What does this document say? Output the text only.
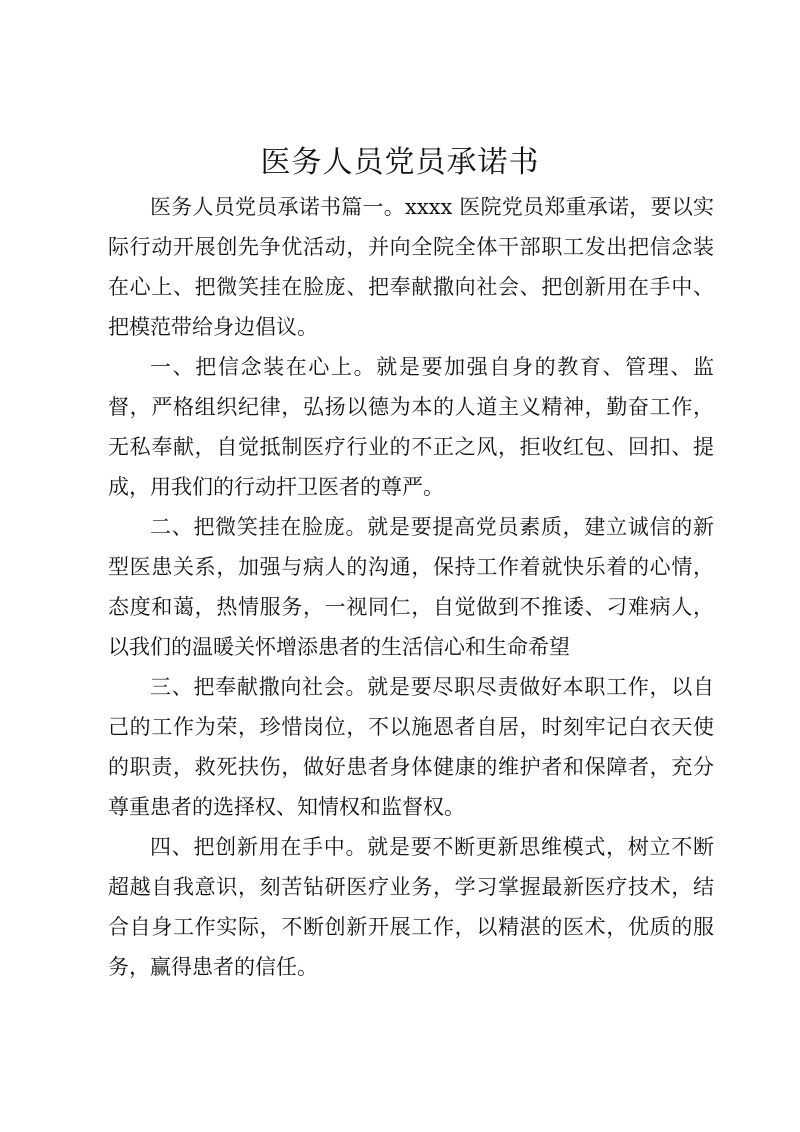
医务人员党员承诺书

医务人员党员承诺书篇一。xxxx 医院党员郑重承诺，要以实际行动开展创先争优活动，并向全院全体干部职工发出把信念装在心上、把微笑挂在脸庞、把奉献撒向社会、把创新用在手中、把模范带给身边倡议。

一、把信念装在心上。就是要加强自身的教育、管理、监督，严格组织纪律，弘扬以德为本的人道主义精神，勤奋工作，无私奉献，自觉抵制医疗行业的不正之风，拒收红包、回扣、提成，用我们的行动扞卫医者的尊严。

二、把微笑挂在脸庞。就是要提高党员素质，建立诚信的新型医患关系，加强与病人的沟通，保持工作着就快乐着的心情，态度和蔼，热情服务，一视同仁，自觉做到不推诿、刁难病人，以我们的温暖关怀增添患者的生活信心和生命希望

三、把奉献撒向社会。就是要尽职尽责做好本职工作，以自己的工作为荣，珍惜岗位，不以施恩者自居，时刻牢记白衣天使的职责，救死扶伤，做好患者身体健康的维护者和保障者，充分尊重患者的选择权、知情权和监督权。

四、把创新用在手中。就是要不断更新思维模式，树立不断超越自我意识，刻苦钻研医疗业务，学习掌握最新医疗技术，结合自身工作实际，不断创新开展工作，以精湛的医术，优质的服务，赢得患者的信任。
